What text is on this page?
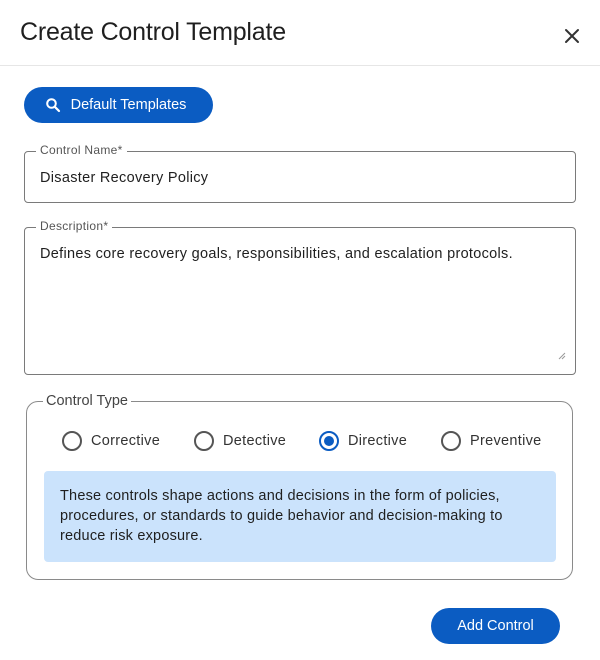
Create Control Template
Default Templates
Control Name*
Disaster Recovery Policy
Description*
Defines core recovery goals, responsibilities, and escalation protocols.
Control Type
Corrective	Detective	Directive	Preventive
These controls shape actions and decisions in the form of policies, procedures, or standards to guide behavior and decision-making to reduce risk exposure.
Add Control
